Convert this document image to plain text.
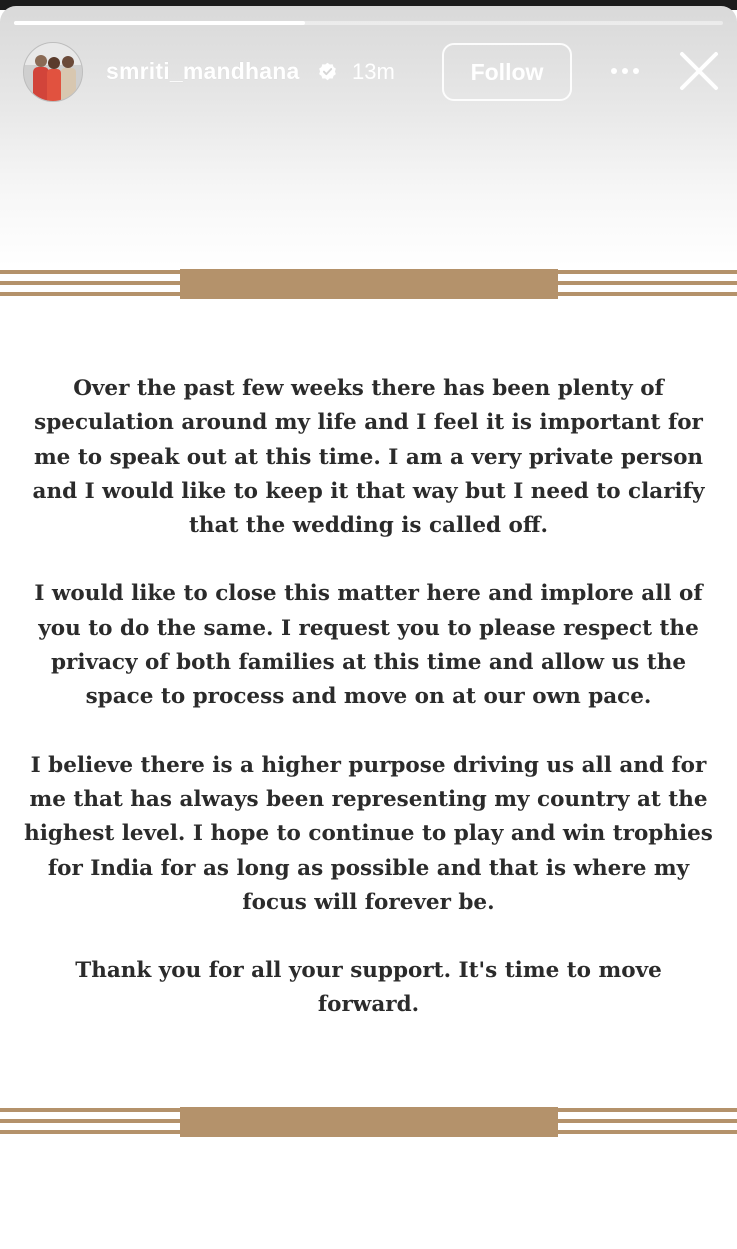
smriti_mandhana 13m	Follow

Over the past few weeks there has been plenty of speculation around my life and I feel it is important for me to speak out at this time. I am a very private person and I would like to keep it that way but I need to clarify that the wedding is called off.

I would like to close this matter here and implore all of you to do the same. I request you to please respect the privacy of both families at this time and allow us the space to process and move on at our own pace.

I believe there is a higher purpose driving us all and for me that has always been representing my country at the highest level. I hope to continue to play and win trophies for India for as long as possible and that is where my focus will forever be.

Thank you for all your support. It's time to move forward.
